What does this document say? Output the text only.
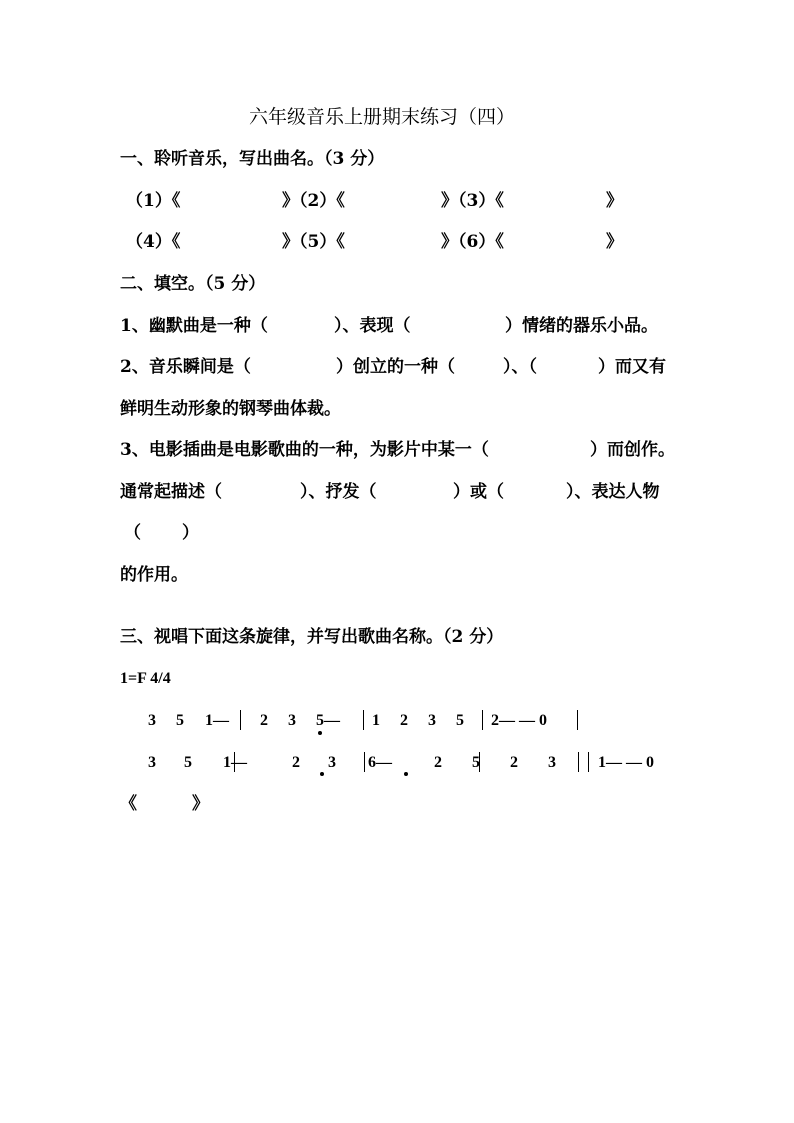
六年级音乐上册期末练习（四）
一、聆听音乐，写出曲名。（3 分）
（1）《	》（2）《	》（3）《	》
（4）《	》（5）《	》（6）《	》
二、填空。（5 分）
1、幽默曲是一种（	）、表现（	）情绪的器乐小品。
2、音乐瞬间是（	）创立的一种（	）、（	）而又有
鲜明生动形象的钢琴曲体裁。
3、电影插曲是电影歌曲的一种，为影片中某一（	）而创作。
通常起描述（	）、抒发（	）或（	）、表达人物
（ ）
的作用。
三、视唱下面这条旋律，并写出歌曲名称。（2 分）
1=F 4/4
3 5 1— 2 3 5— 1 2 3 5 2— — 0
3 5 1—	2 3 6—	2 5 2 3	1— — 0
《	》
